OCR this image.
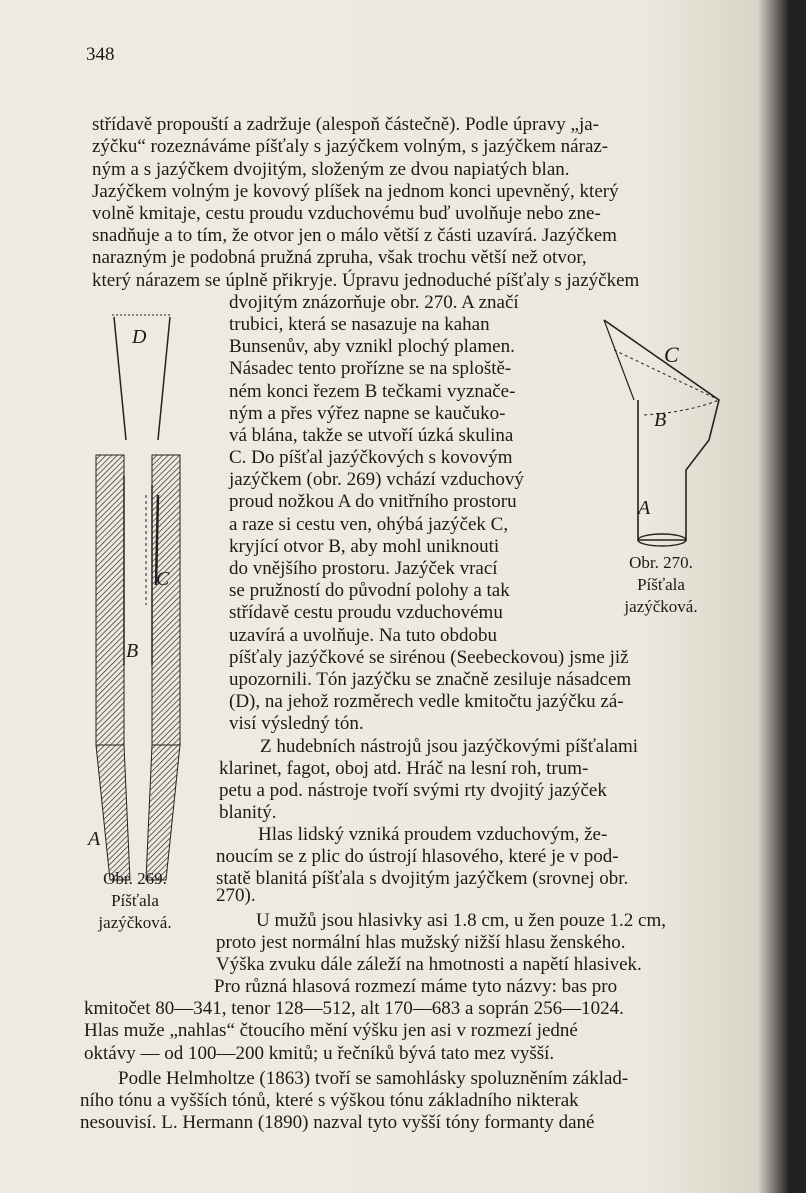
348
střídavě propouští a zadržuje (alespoň částečně). Podle úpravy „ja-
zýčku“ rozeznáváme píšťaly s jazýčkem volným, s jazýčkem náraz-
ným a s jazýčkem dvojitým, složeným ze dvou napiatých blan.
Jazýčkem volným je kovový plíšek na jednom konci upevněný, který
volně kmitaje, cestu proudu vzduchovému buď uvolňuje nebo zne-
snadňuje a to tím, že otvor jen o málo větší z části uzavírá. Jazýčkem
narazným je podobná pružná zpruha, však trochu větší než otvor,
který nárazem se úplně přikryje. Úpravu jednoduché píšťaly s jazýčkem
dvojitým znázorňuje obr. 270. A značí
trubici, která se nasazuje na kahan
Bunsenův, aby vznikl plochý plamen.
Násadec tento prořízne se na sploště-
ném konci řezem B tečkami vyznače-
ným a přes výřez napne se kaučuko-
vá blána, takže se utvoří úzká skulina
C. Do píšťal jazýčkových s kovovým
jazýčkem (obr. 269) vchází vzduchový
proud nožkou A do vnitřního prostoru
a raze si cestu ven, ohýbá jazýček C,
kryjící otvor B, aby mohl uniknouti
do vnějšího prostoru. Jazýček vrací
se pružností do původní polohy a tak
střídavě cestu proudu vzduchovému
uzavírá a uvolňuje. Na tuto obdobu
píšťaly jazýčkové se sirénou (Seebeckovou) jsme již
upozornili. Tón jazýčku se značně zesiluje násadcem
(D), na jehož rozměrech vedle kmitočtu jazýčku zá-
visí výsledný tón.
Z hudebních nástrojů jsou jazýčkovými píšťalami
klarinet, fagot, oboj atd. Hráč na lesní roh, trum-
petu a pod. nástroje tvoří svými rty dvojitý jazýček
blanitý.
Hlas lidský vzniká proudem vzduchovým, že-
noucím se z plic do ústrojí hlasového, které je v pod-
statě blanitá píšťala s dvojitým jazýčkem (srovnej obr.
270).
U mužů jsou hlasivky asi 1.8 cm, u žen pouze 1.2 cm,
proto jest normální hlas mužský nižší hlasu ženského.
Výška zvuku dále záleží na hmotnosti a napětí hlasivek.
Pro různá hlasová rozmezí máme tyto názvy: bas pro
kmitočet 80—341, tenor 128—512, alt 170—683 a soprán 256—1024.
Hlas muže „nahlas“ čtoucího mění výšku jen asi v rozmezí jedné
oktávy — od 100—200 kmitů; u řečníků bývá tato mez vyšší.
Podle Helmholtze (1863) tvoří se samohlásky spoluzněním základ-
ního tónu a vyšších tónů, které s výškou tónu základního nikterak
nesouvisí. L. Hermann (1890) nazval tyto vyšší tóny formanty dané
D
C
B
A
Obr. 269.
Píšťala
jazýčková.
C
B
A
Obr. 270.
Píšťala
jazýčková.
